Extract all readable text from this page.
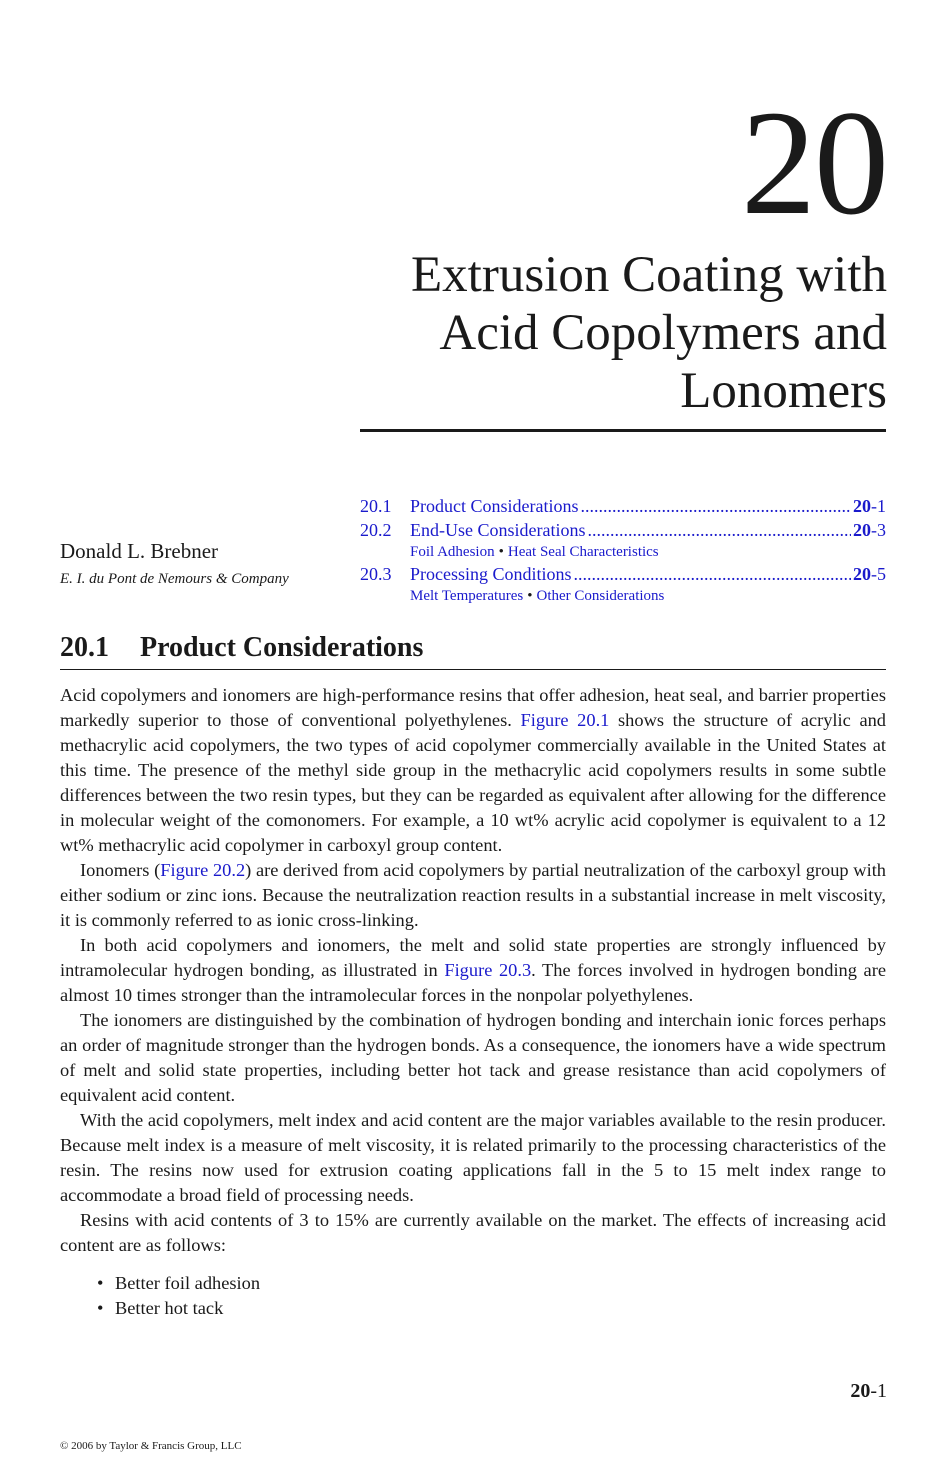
20
Extrusion Coating with Acid Copolymers and Lonomers
20.1	Product Considerations .....	20-1
20.2	End-Use Considerations .....	20-3
Foil Adhesion • Heat Seal Characteristics
20.3	Processing Conditions .....	20-5
Melt Temperatures • Other Considerations
Donald L. Brebner
E. I. du Pont de Nemours & Company
20.1 Product Considerations

Acid copolymers and ionomers are high-performance resins that offer adhesion, heat seal, and barrier properties markedly superior to those of conventional polyethylenes. Figure 20.1 shows the structure of acrylic and methacrylic acid copolymers, the two types of acid copolymer commercially available in the United States at this time. The presence of the methyl side group in the methacrylic acid copolymers results in some subtle differences between the two resin types, but they can be regarded as equivalent after allowing for the difference in molecular weight of the comonomers. For example, a 10 wt% acrylic acid copolymer is equivalent to a 12 wt% methacrylic acid copolymer in carboxyl group content.

Ionomers (Figure 20.2) are derived from acid copolymers by partial neutralization of the carboxyl group with either sodium or zinc ions. Because the neutralization reaction results in a substantial increase in melt viscosity, it is commonly referred to as ionic cross-linking.

In both acid copolymers and ionomers, the melt and solid state properties are strongly influenced by intramolecular hydrogen bonding, as illustrated in Figure 20.3. The forces involved in hydrogen bonding are almost 10 times stronger than the intramolecular forces in the nonpolar polyethylenes.

The ionomers are distinguished by the combination of hydrogen bonding and interchain ionic forces perhaps an order of magnitude stronger than the hydrogen bonds. As a consequence, the ionomers have a wide spectrum of melt and solid state properties, including better hot tack and grease resistance than acid copolymers of equivalent acid content.

With the acid copolymers, melt index and acid content are the major variables available to the resin producer. Because melt index is a measure of melt viscosity, it is related primarily to the processing characteristics of the resin. The resins now used for extrusion coating applications fall in the 5 to 15 melt index range to accommodate a broad field of processing needs.

Resins with acid contents of 3 to 15% are currently available on the market. The effects of increasing acid content are as follows:

• Better foil adhesion
• Better hot tack
20-1
© 2006 by Taylor & Francis Group, LLC
